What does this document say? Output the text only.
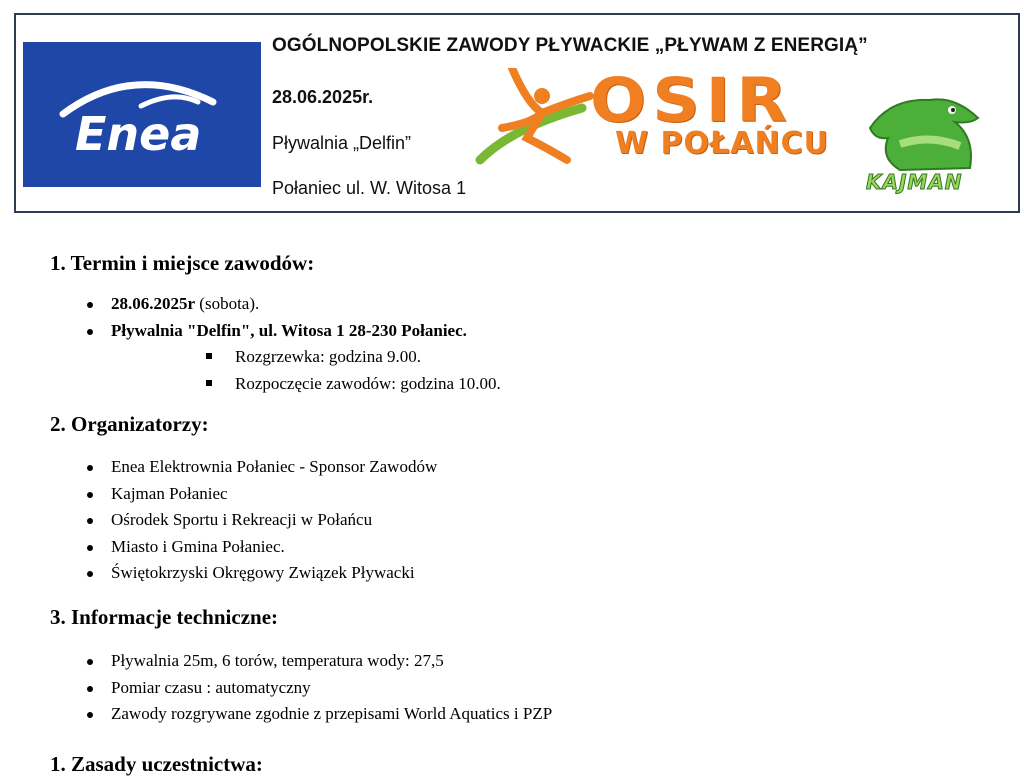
Enea
OGÓLNOPOLSKIE ZAWODY PŁYWACKIE „PŁYWAM Z ENERGIĄ”
28.06.2025r.
Pływalnia „Delfin”
Połaniec ul. W. Witosa 1
OSIR
W POŁAŃCU
KAJMAN
1. Termin i miejsce zawodów:
28.06.2025r (sobota).
Pływalnia "Delfin", ul. Witosa 1 28-230 Połaniec.
Rozgrzewka: godzina 9.00.
Rozpoczęcie zawodów: godzina 10.00.
2. Organizatorzy:
Enea Elektrownia Połaniec - Sponsor Zawodów
Kajman Połaniec
Ośrodek Sportu i Rekreacji w Połańcu
Miasto i Gmina Połaniec.
Świętokrzyski Okręgowy Związek Pływacki
3. Informacje techniczne:
Pływalnia 25m, 6 torów, temperatura wody: 27,5
Pomiar czasu : automatyczny
Zawody rozgrywane zgodnie z przepisami World Aquatics i PZP
1. Zasady uczestnictwa:
